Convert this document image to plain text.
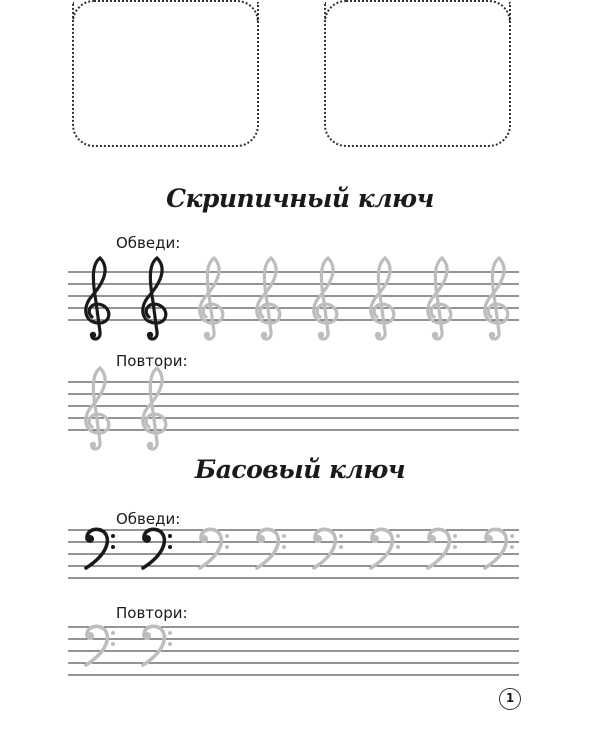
Скрипичный ключ
Обведи:
Повтори:
Басовый ключ
Обведи:
Повтори:
1
